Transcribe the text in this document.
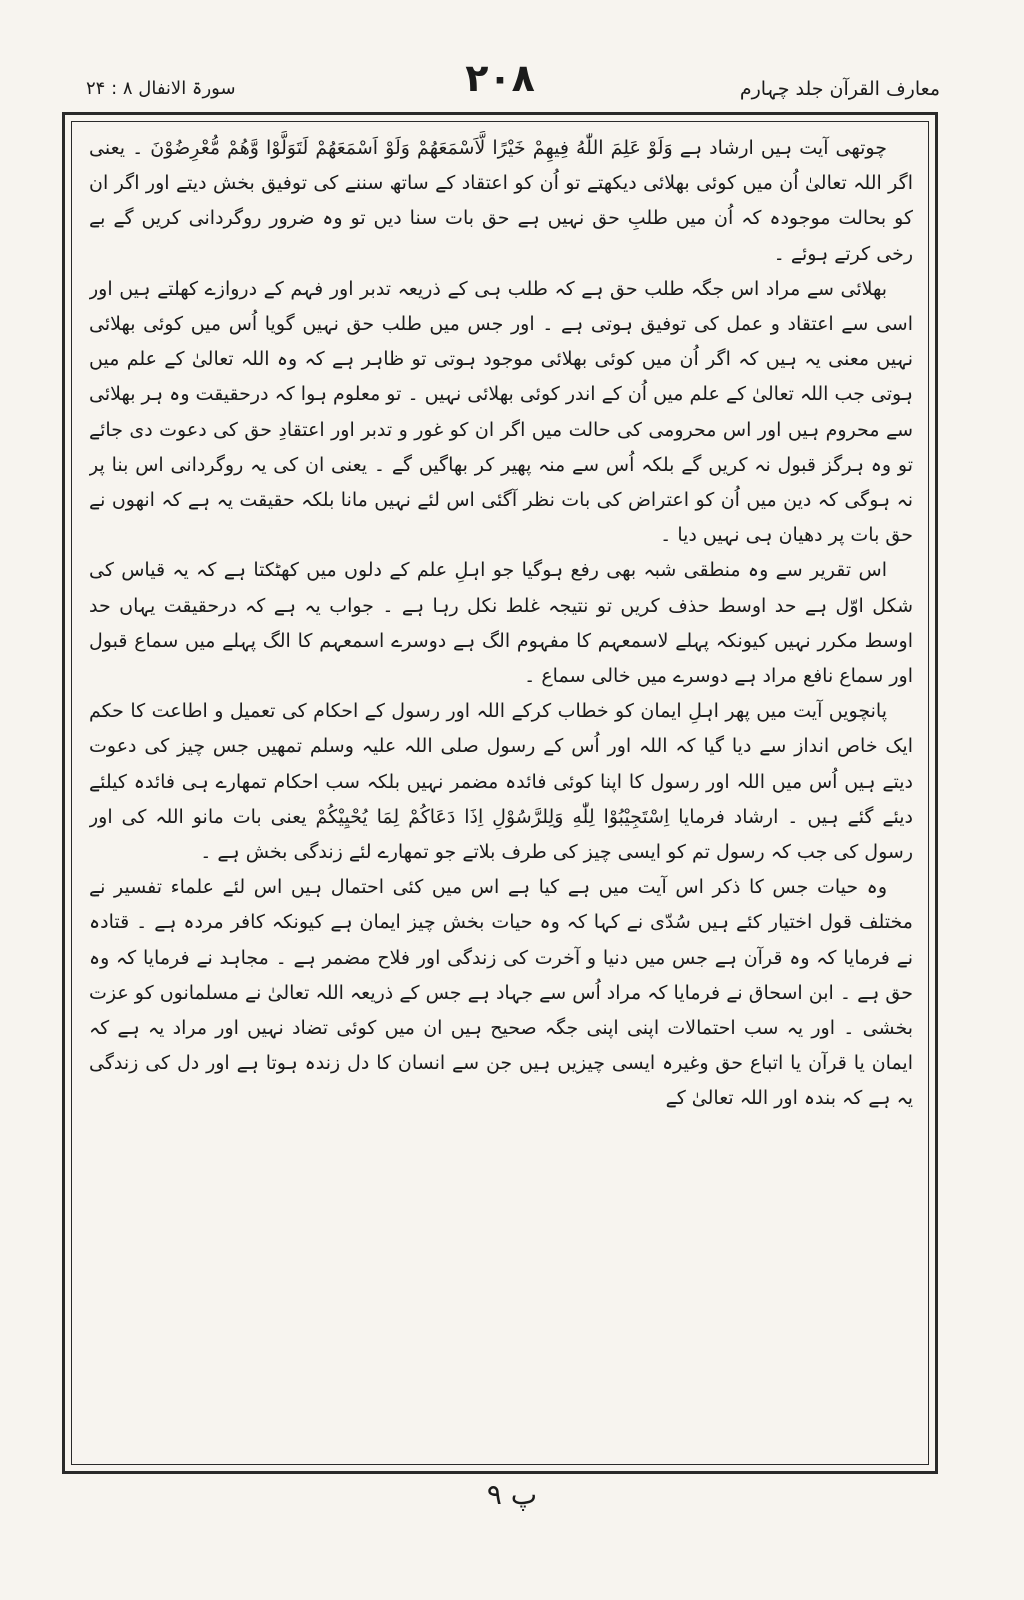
معارف القرآن جلد چہارم
۲۰۸
سورۃ الانفال ۸ : ۲۴

چوتھی آیت ہیں ارشاد ہے وَلَوْ عَلِمَ اللّٰهُ فِيهِمْ خَيْرًا لَّاَسْمَعَهُمْ وَلَوْ اَسْمَعَهُمْ لَتَوَلَّوْا وَّهُمْ مُّعْرِضُوْنَ ۔ یعنی اگر اللہ تعالیٰ اُن میں کوئی بھلائی دیکھتے تو اُن کو اعتقاد کے ساتھ سننے کی توفیق بخش دیتے اور اگر ان کو بحالت موجودہ کہ اُن میں طلبِ حق نہیں ہے حق بات سنا دیں تو وہ ضرور روگردانی کریں گے بے رخی کرتے ہوئے ۔

بھلائی سے مراد اس جگہ طلب حق ہے کہ طلب ہی کے ذریعہ تدبر اور فہم کے دروازے کھلتے ہیں اور اسی سے اعتقاد و عمل کی توفیق ہوتی ہے ۔ اور جس میں طلب حق نہیں گویا اُس میں کوئی بھلائی نہیں معنی یہ ہیں کہ اگر اُن میں کوئی بھلائی موجود ہوتی تو ظاہر ہے کہ وہ اللہ تعالیٰ کے علم میں ہوتی جب اللہ تعالیٰ کے علم میں اُن کے اندر کوئی بھلائی نہیں ۔ تو معلوم ہوا کہ درحقیقت وہ ہر بھلائی سے محروم ہیں اور اس محرومی کی حالت میں اگر ان کو غور و تدبر اور اعتقادِ حق کی دعوت دی جائے تو وہ ہرگز قبول نہ کریں گے بلکہ اُس سے منہ پھیر کر بھاگیں گے ۔ یعنی ان کی یہ روگردانی اس بنا پر نہ ہوگی کہ دین میں اُن کو اعتراض کی بات نظر آگئی اس لئے نہیں مانا بلکہ حقیقت یہ ہے کہ انھوں نے حق بات پر دھیان ہی نہیں دیا ۔

اس تقریر سے وہ منطقی شبہ بھی رفع ہوگیا جو اہلِ علم کے دلوں میں کھٹکتا ہے کہ یہ قیاس کی شکل اوّل ہے حد اوسط حذف کریں تو نتیجہ غلط نکل رہا ہے ۔ جواب یہ ہے کہ درحقیقت یہاں حد اوسط مکرر نہیں کیونکہ پہلے لاسمعہم کا مفہوم الگ ہے دوسرے اسمعہم کا الگ پہلے میں سماع قبول اور سماع نافع مراد ہے دوسرے میں خالی سماع ۔

پانچویں آیت میں پھر اہلِ ایمان کو خطاب کرکے اللہ اور رسول کے احکام کی تعمیل و اطاعت کا حکم ایک خاص انداز سے دیا گیا کہ اللہ اور اُس کے رسول صلی اللہ علیہ وسلم تمھیں جس چیز کی دعوت دیتے ہیں اُس میں اللہ اور رسول کا اپنا کوئی فائدہ مضمر نہیں بلکہ سب احکام تمھارے ہی فائدہ کیلئے دیئے گئے ہیں ۔ ارشاد فرمایا اِسْتَجِيْبُوْا لِلّٰهِ وَلِلرَّسُوْلِ اِذَا دَعَاكُمْ لِمَا يُحْيِيْكُمْ یعنی بات مانو اللہ کی اور رسول کی جب کہ رسول تم کو ایسی چیز کی طرف بلاتے جو تمھارے لئے زندگی بخش ہے ۔

وہ حیات جس کا ذکر اس آیت میں ہے کیا ہے اس میں کئی احتمال ہیں اس لئے علماء تفسیر نے مختلف قول اختیار کئے ہیں سُدّی نے کہا کہ وہ حیات بخش چیز ایمان ہے کیونکہ کافر مردہ ہے ۔ قتادہ نے فرمایا کہ وہ قرآن ہے جس میں دنیا و آخرت کی زندگی اور فلاح مضمر ہے ۔ مجاہد نے فرمایا کہ وہ حق ہے ۔ ابن اسحاق نے فرمایا کہ مراد اُس سے جہاد ہے جس کے ذریعہ اللہ تعالیٰ نے مسلمانوں کو عزت بخشی ۔ اور یہ سب احتمالات اپنی اپنی جگہ صحیح ہیں ان میں کوئی تضاد نہیں اور مراد یہ ہے کہ ایمان یا قرآن یا اتباع حق وغیرہ ایسی چیزیں ہیں جن سے انسان کا دل زندہ ہوتا ہے اور دل کی زندگی یہ ہے کہ بندہ اور اللہ تعالیٰ کے

۹ پ
